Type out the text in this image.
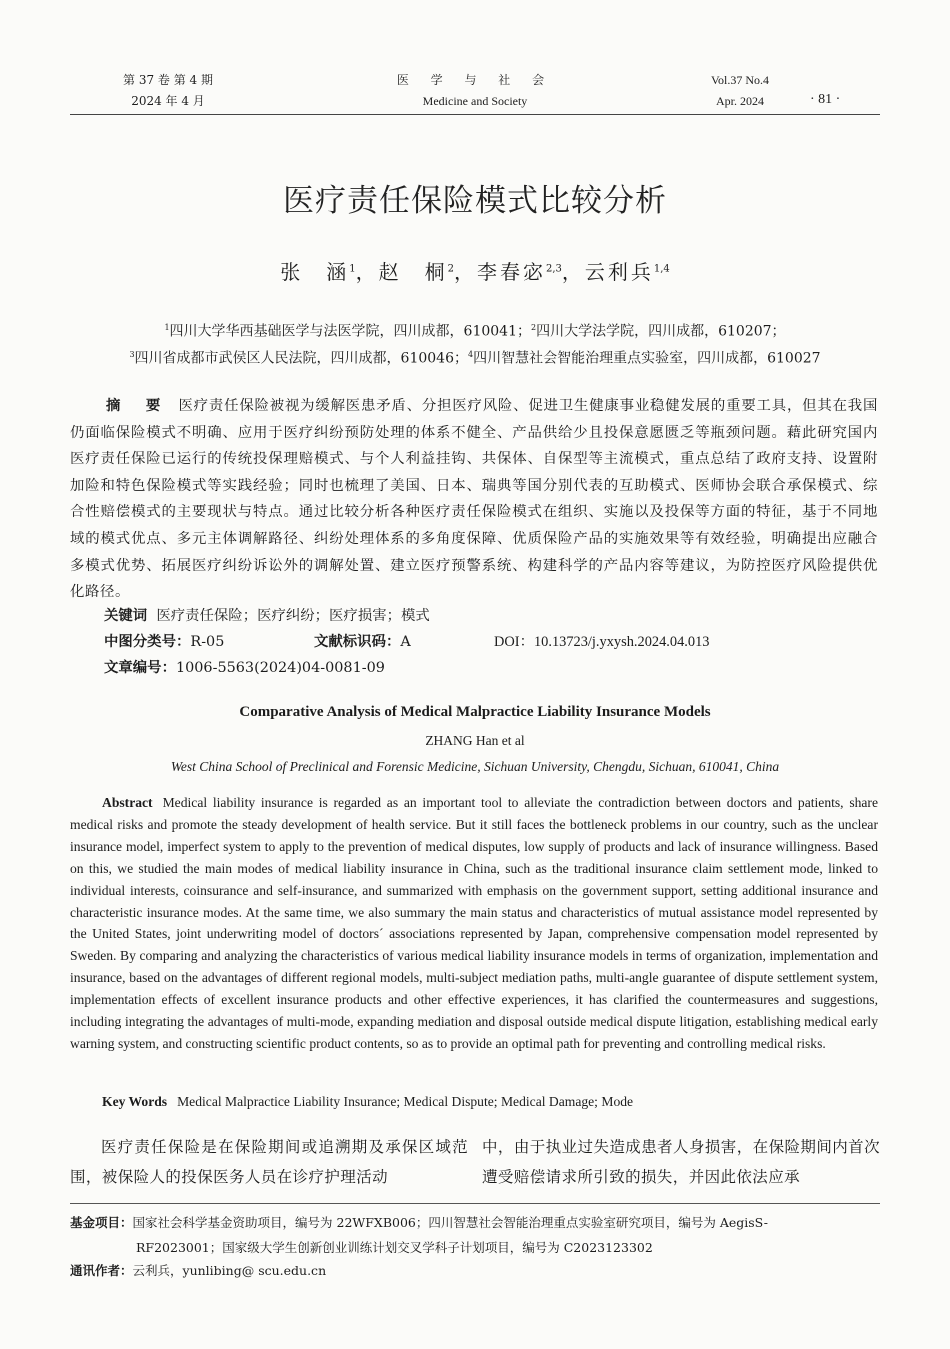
第 37 卷 第 4 期
2024 年 4 月
医 学 与 社 会
Medicine and Society
Vol.37 No.4
Apr. 2024	· 81 ·
医疗责任保险模式比较分析
张　涵$^1$，赵　桐$^2$，李春宓$^{2,3}$，云利兵$^{1,4}$
$^1$四川大学华西基础医学与法医学院，四川成都，610041；$^2$四川大学法学院，四川成都，610207；
$^3$四川省成都市武侯区人民法院，四川成都，610046；$^4$四川智慧社会智能治理重点实验室，四川成都，610027
摘 要 医疗责任保险被视为缓解医患矛盾、分担医疗风险、促进卫生健康事业稳健发展的重要工具，但其在我国仍面临保险模式不明确、应用于医疗纠纷预防处理的体系不健全、产品供给少且投保意愿匮乏等瓶颈问题。藉此研究国内医疗责任保险已运行的传统投保理赔模式、与个人利益挂钩、共保体、自保型等主流模式，重点总结了政府支持、设置附加险和特色保险模式等实践经验；同时也梳理了美国、日本、瑞典等国分别代表的互助模式、医师协会联合承保模式、综合性赔偿模式的主要现状与特点。通过比较分析各种医疗责任保险模式在组织、实施以及投保等方面的特征，基于不同地域的模式优点、多元主体调解路径、纠纷处理体系的多角度保障、优质保险产品的实施效果等有效经验，明确提出应融合多模式优势、拓展医疗纠纷诉讼外的调解处置、建立医疗预警系统、构建科学的产品内容等建议，为防控医疗风险提供优化路径。
关键词 医疗责任保险；医疗纠纷；医疗损害；模式
中图分类号：R-05	文献标识码：A	DOI：10.13723/j.yxysh.2024.04.013
文章编号：1006-5563(2024)04-0081-09
Comparative Analysis of Medical Malpractice Liability Insurance Models
ZHANG Han et al
West China School of Preclinical and Forensic Medicine, Sichuan University, Chengdu, Sichuan, 610041, China
Abstract Medical liability insurance is regarded as an important tool to alleviate the contradiction between doctors and patients, share medical risks and promote the steady development of health service. But it still faces the bottleneck problems in our country, such as the unclear insurance model, imperfect system to apply to the prevention of medical disputes, low supply of products and lack of insurance willingness. Based on this, we studied the main modes of medical liability insurance in China, such as the traditional insurance claim settlement mode, linked to individual interests, coinsurance and self-insurance, and summarized with emphasis on the government support, setting additional insurance and characteristic insurance modes. At the same time, we also summary the main status and characteristics of mutual assistance model represented by the United States, joint underwriting model of doctors´ associations represented by Japan, comprehensive compensation model represented by Sweden. By comparing and analyzing the characteristics of various medical liability insurance models in terms of organization, implementation and insurance, based on the advantages of different regional models, multi-subject mediation paths, multi-angle guarantee of dispute settlement system, implementation effects of excellent insurance products and other effective experiences, it has clarified the countermeasures and suggestions, including integrating the advantages of multi-mode, expanding mediation and disposal outside medical dispute litigation, establishing medical early warning system, and constructing scientific product contents, so as to provide an optimal path for preventing and controlling medical risks.
Key Words Medical Malpractice Liability Insurance; Medical Dispute; Medical Damage; Mode
医疗责任保险是在保险期间或追溯期及承保区域范围，被保险人的投保医务人员在诊疗护理活动
中，由于执业过失造成患者人身损害，在保险期间内首次遭受赔偿请求所引致的损失，并因此依法应承
基金项目：国家社会科学基金资助项目，编号为 22WFXB006；四川智慧社会智能治理重点实验室研究项目，编号为 AegisS-
RF2023001；国家级大学生创新创业训练计划交叉学科子计划项目，编号为 C2023123302
通讯作者：云利兵，yunlibing@ scu.edu.cn
